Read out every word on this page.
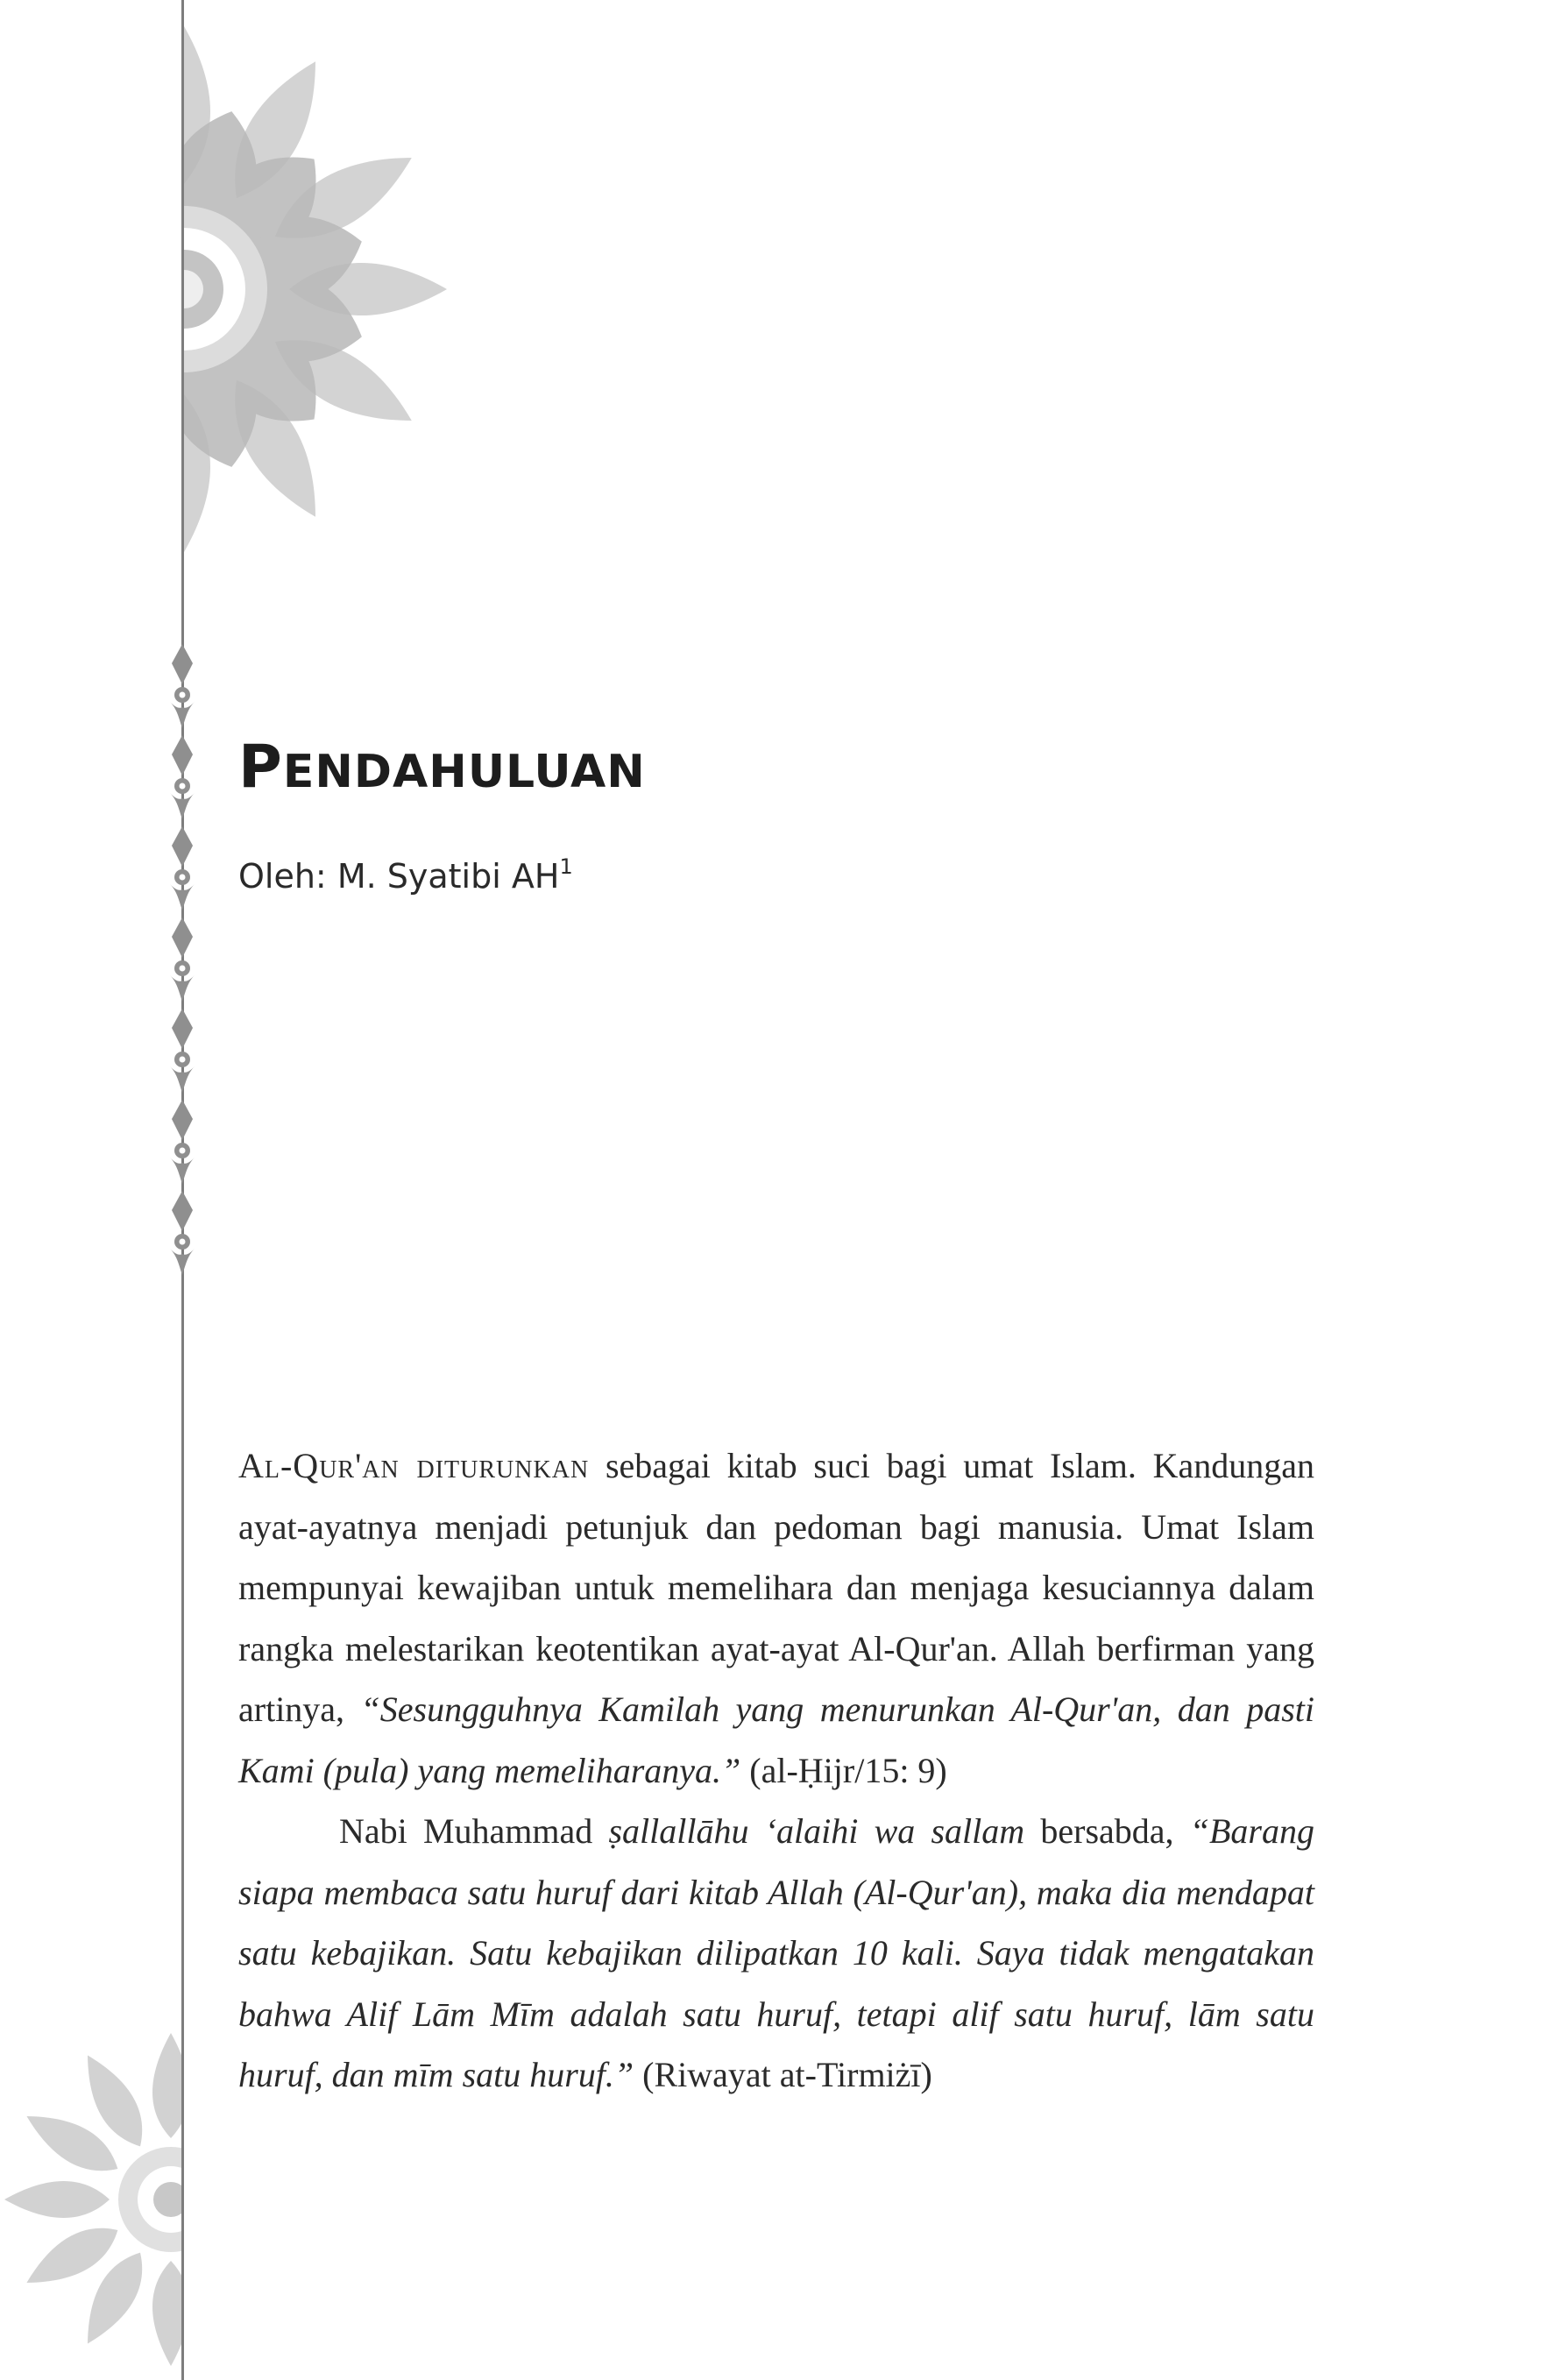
PENDAHULUAN
Oleh: M. Syatibi $AH^1$

Al-Qur'an diturunkan sebagai kitab suci bagi umat Islam. Kandungan ayat-ayatnya menjadi petunjuk dan pedoman bagi manusia. Umat Islam mempunyai kewajiban untuk memelihara dan menjaga kesuciannya dalam rangka melestarikan keotentikan ayat-ayat Al-Qur'an. Allah berfirman yang artinya, “Sesungguhnya Kamilah yang menurunkan Al-Qur'an, dan pasti Kami (pula) yang memeliharanya.” (al-Ḥijr/15: 9)

Nabi Muhammad ṣallallāhu ‘alaihi wa sallam bersabda, “Barang siapa membaca satu huruf dari kitab Allah (Al-Qur'an), maka dia mendapat satu kebajikan. Satu kebajikan dilipatkan 10 kali. Saya tidak mengatakan bahwa Alif Lām Mīm adalah satu huruf, tetapi alif satu huruf, lām satu huruf, dan mīm satu huruf.” (Riwayat at-Tirmiżī)
